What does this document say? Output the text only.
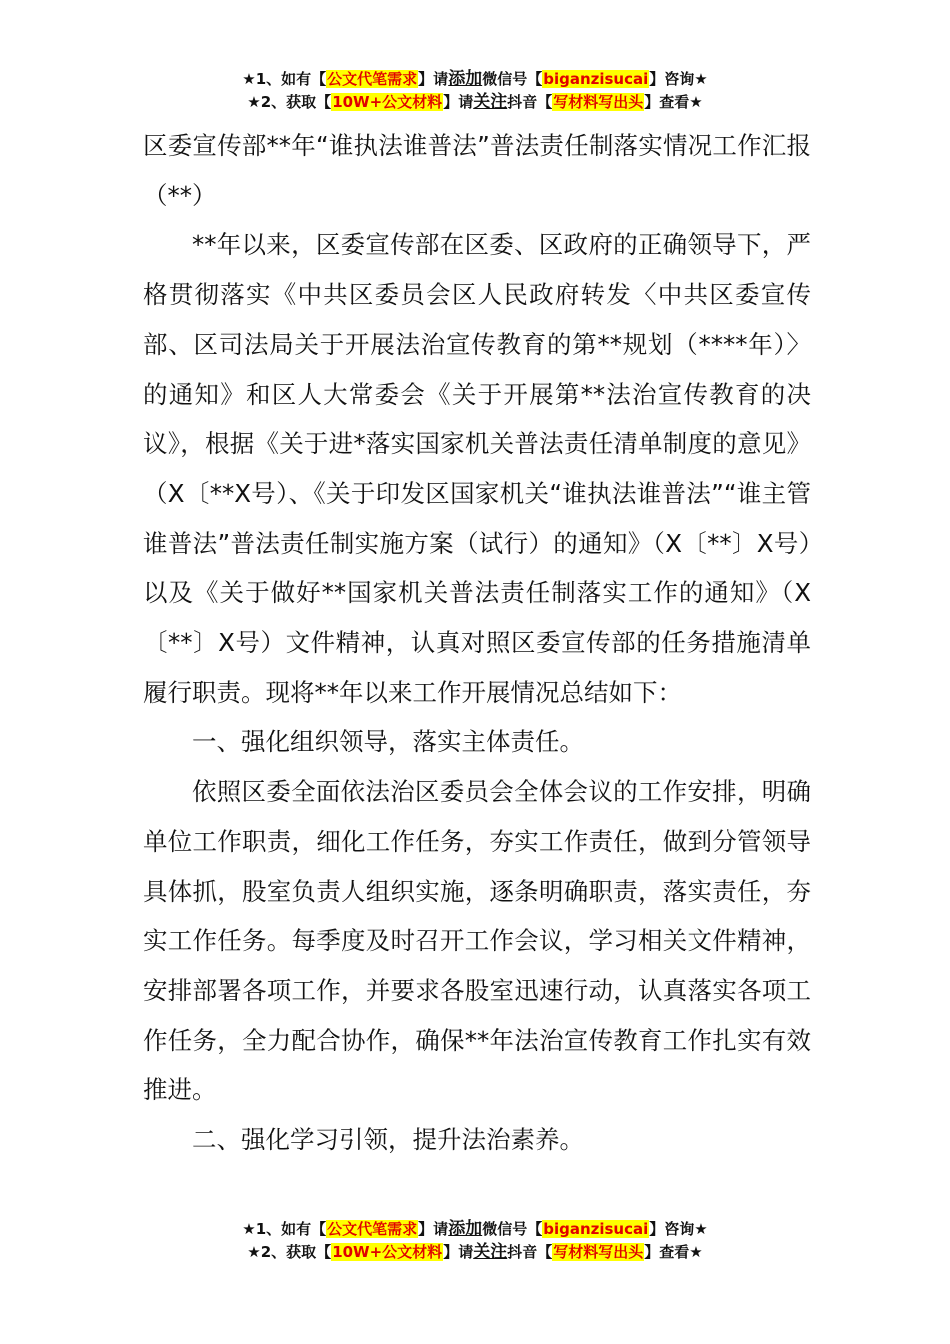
★1、如有【公文代笔需求】请添加微信号【biganzisucai】咨询★
★2、获取【10W+公文材料】请关注抖音【写材料写出头】查看★

区委宣传部**年“谁执法谁普法”普法责任制落实情况工作汇报（**）

**年以来，区委宣传部在区委、区政府的正确领导下，严格贯彻落实《中共区委员会区人民政府转发〈中共区委宣传部、区司法局关于开展法治宣传教育的第**规划（****年）〉的通知》和区人大常委会《关于开展第**法治宣传教育的决议》，根据《关于进*落实国家机关普法责任清单制度的意见》（X〔**X号）、《关于印发区国家机关“谁执法谁普法”“谁主管谁普法”普法责任制实施方案（试行）的通知》（X〔**〕X号）以及《关于做好**国家机关普法责任制落实工作的通知》（X〔**〕X号）文件精神，认真对照区委宣传部的任务措施清单履行职责。现将**年以来工作开展情况总结如下：

一、强化组织领导，落实主体责任。

依照区委全面依法治区委员会全体会议的工作安排，明确单位工作职责，细化工作任务，夯实工作责任，做到分管领导具体抓，股室负责人组织实施，逐条明确职责，落实责任，夯实工作任务。每季度及时召开工作会议，学习相关文件精神，安排部署各项工作，并要求各股室迅速行动，认真落实各项工作任务，全力配合协作，确保**年法治宣传教育工作扎实有效推进。

二、强化学习引领，提升法治素养。

★1、如有【公文代笔需求】请添加微信号【biganzisucai】咨询★
★2、获取【10W+公文材料】请关注抖音【写材料写出头】查看★
